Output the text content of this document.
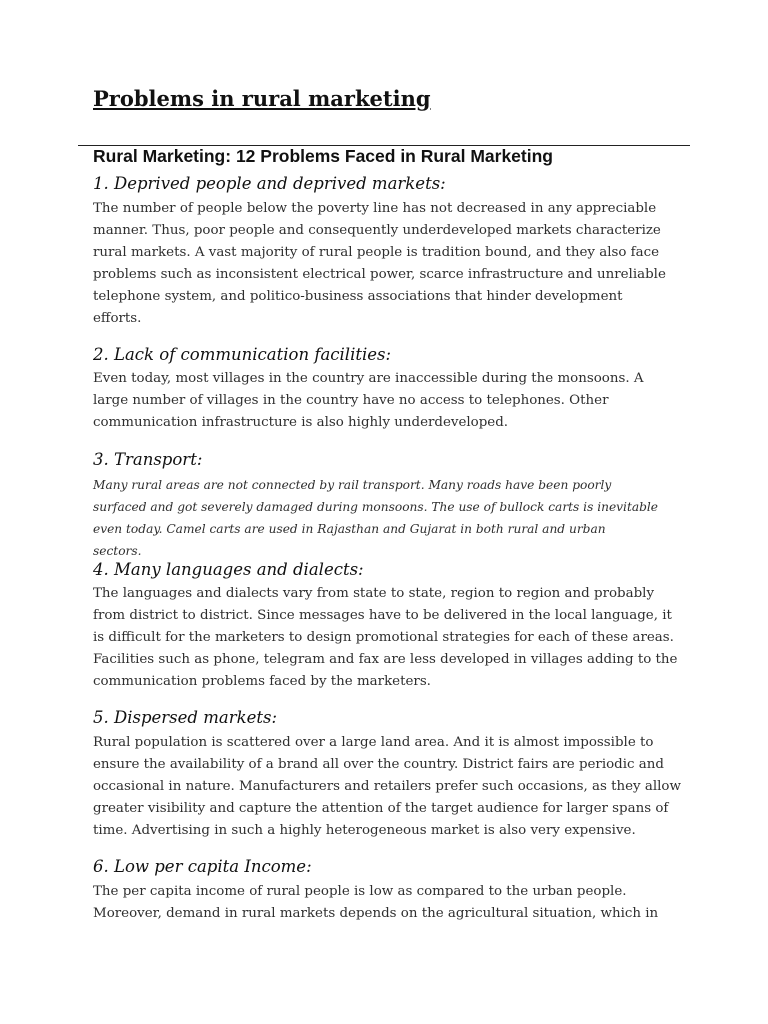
Problems in rural marketing
Rural Marketing: 12 Problems Faced in Rural Marketing
1. Deprived people and deprived markets:

The number of people below the poverty line has not decreased in any appreciable

manner. Thus, poor people and consequently underdeveloped markets characterize

rural markets. A vast majority of rural people is tradition bound, and they also face

problems such as inconsistent electrical power, scarce infrastructure and unreliable

telephone system, and politico-business associations that hinder development

efforts.

2. Lack of communication facilities:

Even today, most villages in the country are inaccessible during the monsoons. A

large number of villages in the country have no access to telephones. Other

communication infrastructure is also highly underdeveloped.

3. Transport:

Many rural areas are not connected by rail transport. Many roads have been poorly

surfaced and got severely damaged during monsoons. The use of bullock carts is inevitable

even today. Camel carts are used in Rajasthan and Gujarat in both rural and urban

sectors.

4. Many languages and dialects:

The languages and dialects vary from state to state, region to region and probably

from district to district. Since messages have to be delivered in the local language, it

is difficult for the marketers to design promotional strategies for each of these areas.

Facilities such as phone, telegram and fax are less developed in villages adding to the

communication problems faced by the marketers.

5. Dispersed markets:

Rural population is scattered over a large land area. And it is almost impossible to

ensure the availability of a brand all over the country. District fairs are periodic and

occasional in nature. Manufacturers and retailers prefer such occasions, as they allow

greater visibility and capture the attention of the target audience for larger spans of

time. Advertising in such a highly heterogeneous market is also very expensive.

6. Low per capita Income:

The per capita income of rural people is low as compared to the urban people.

Moreover, demand in rural markets depends on the agricultural situation, which in
